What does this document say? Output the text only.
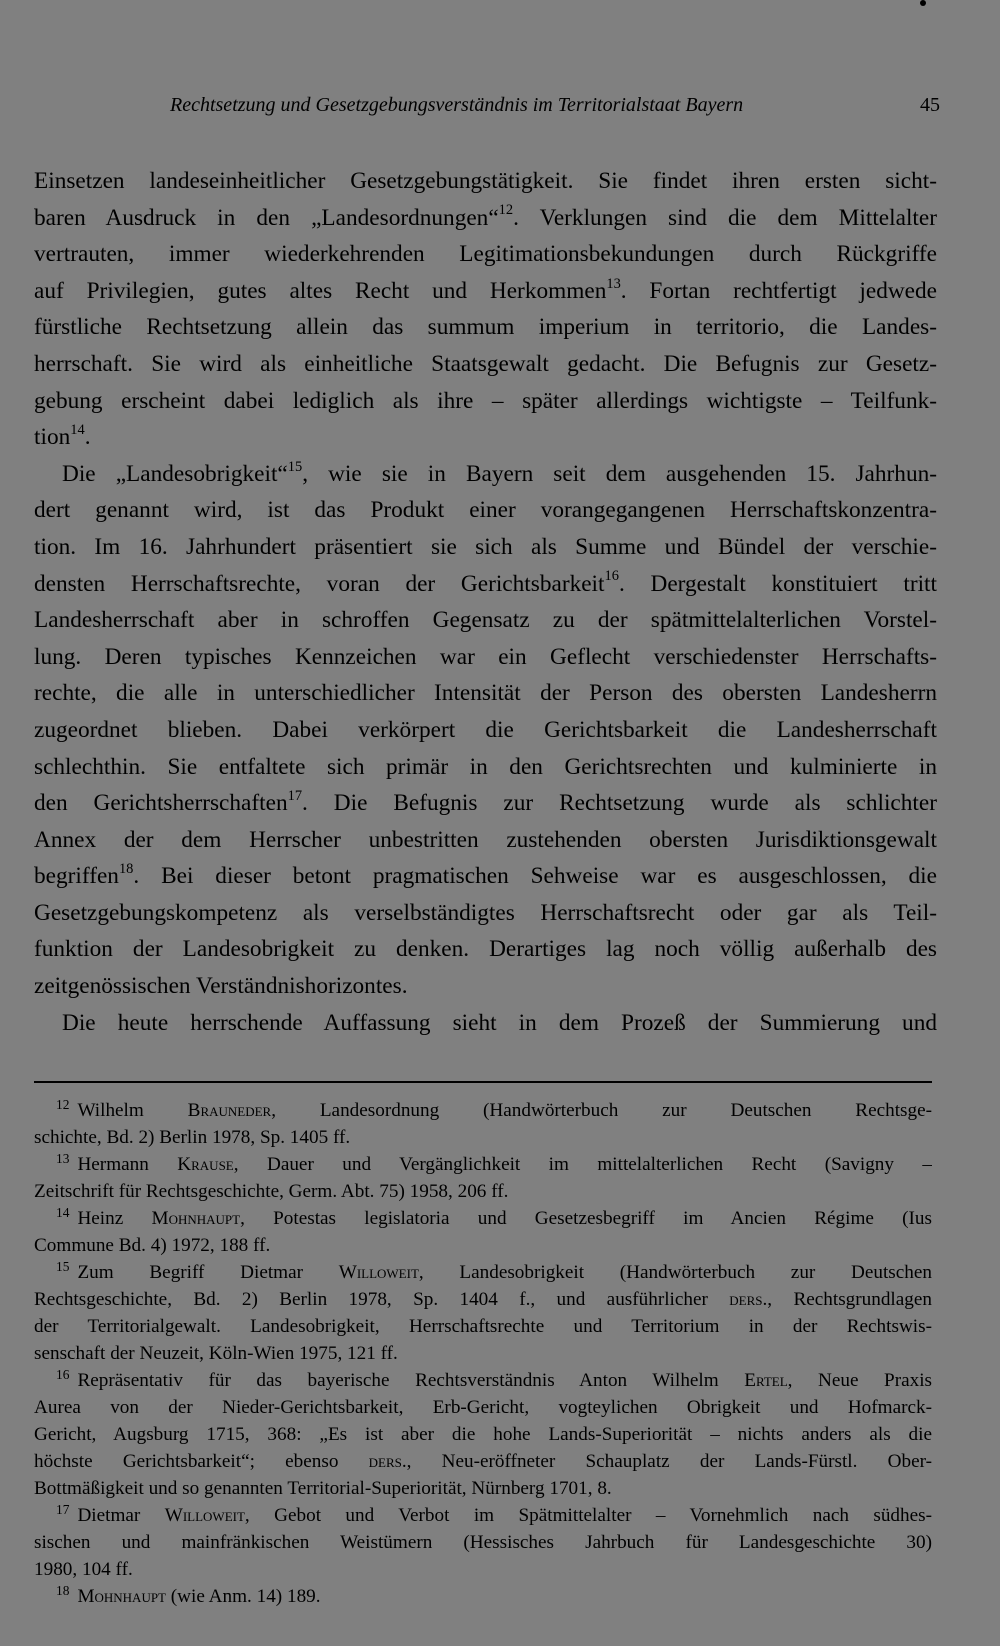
Rechtsetzung und Gesetzgebungsverständnis im Territorialstaat Bayern	45
Einsetzen landeseinheitlicher Gesetzgebungstätigkeit. Sie findet ihren ersten sicht-
baren Ausdruck in den „Landesordnungen“$^{12}$. Verklungen sind die dem Mittelalter
vertrauten, immer wiederkehrenden Legitimationsbekundungen durch Rückgriffe
auf Privilegien, gutes altes Recht und Herkommen$^{13}$. Fortan rechtfertigt jedwede
fürstliche Rechtsetzung allein das summum imperium in territorio, die Landes-
herrschaft. Sie wird als einheitliche Staatsgewalt gedacht. Die Befugnis zur Gesetz-
gebung erscheint dabei lediglich als ihre – später allerdings wichtigste – Teilfunk-
tion$^{14}$.
Die „Landesobrigkeit“$^{15}$, wie sie in Bayern seit dem ausgehenden 15. Jahrhun-
dert genannt wird, ist das Produkt einer vorangegangenen Herrschaftskonzentra-
tion. Im 16. Jahrhundert präsentiert sie sich als Summe und Bündel der verschie-
densten Herrschaftsrechte, voran der Gerichtsbarkeit$^{16}$. Dergestalt konstituiert tritt
Landesherrschaft aber in schroffen Gegensatz zu der spätmittelalterlichen Vorstel-
lung. Deren typisches Kennzeichen war ein Geflecht verschiedenster Herrschafts-
rechte, die alle in unterschiedlicher Intensität der Person des obersten Landesherrn
zugeordnet blieben. Dabei verkörpert die Gerichtsbarkeit die Landesherrschaft
schlechthin. Sie entfaltete sich primär in den Gerichtsrechten und kulminierte in
den Gerichtsherrschaften$^{17}$. Die Befugnis zur Rechtsetzung wurde als schlichter
Annex der dem Herrscher unbestritten zustehenden obersten Jurisdiktionsgewalt
begriffen$^{18}$. Bei dieser betont pragmatischen Sehweise war es ausgeschlossen, die
Gesetzgebungskompetenz als verselbständigtes Herrschaftsrecht oder gar als Teil-
funktion der Landesobrigkeit zu denken. Derartiges lag noch völlig außerhalb des
zeitgenössischen Verständnishorizontes.
Die heute herrschende Auffassung sieht in dem Prozeß der Summierung und
$^{12}$ Wilhelm Brauneder, Landesordnung (Handwörterbuch zur Deutschen Rechtsge-
schichte, Bd. 2) Berlin 1978, Sp. 1405 ff.
$^{13}$ Hermann Krause, Dauer und Vergänglichkeit im mittelalterlichen Recht (Savigny –
Zeitschrift für Rechtsgeschichte, Germ. Abt. 75) 1958, 206 ff.
$^{14}$ Heinz Mohnhaupt, Potestas legislatoria und Gesetzesbegriff im Ancien Régime (Ius
Commune Bd. 4) 1972, 188 ff.
$^{15}$ Zum Begriff Dietmar Willoweit, Landesobrigkeit (Handwörterbuch zur Deutschen
Rechtsgeschichte, Bd. 2) Berlin 1978, Sp. 1404 f., und ausführlicher ders., Rechtsgrundlagen
der Territorialgewalt. Landesobrigkeit, Herrschaftsrechte und Territorium in der Rechtswis-
senschaft der Neuzeit, Köln-Wien 1975, 121 ff.
$^{16}$ Repräsentativ für das bayerische Rechtsverständnis Anton Wilhelm Ertel, Neue Praxis
Aurea von der Nieder-Gerichtsbarkeit, Erb-Gericht, vogteylichen Obrigkeit und Hofmarck-
Gericht, Augsburg 1715, 368: „Es ist aber die hohe Lands-Superiorität – nichts anders als die
höchste Gerichtsbarkeit“; ebenso ders., Neu-eröffneter Schauplatz der Lands-Fürstl. Ober-
Bottmäßigkeit und so genannten Territorial-Superiorität, Nürnberg 1701, 8.
$^{17}$ Dietmar Willoweit, Gebot und Verbot im Spätmittelalter – Vornehmlich nach südhes-
sischen und mainfränkischen Weistümern (Hessisches Jahrbuch für Landesgeschichte 30)
1980, 104 ff.
$^{18}$ Mohnhaupt (wie Anm. 14) 189.
